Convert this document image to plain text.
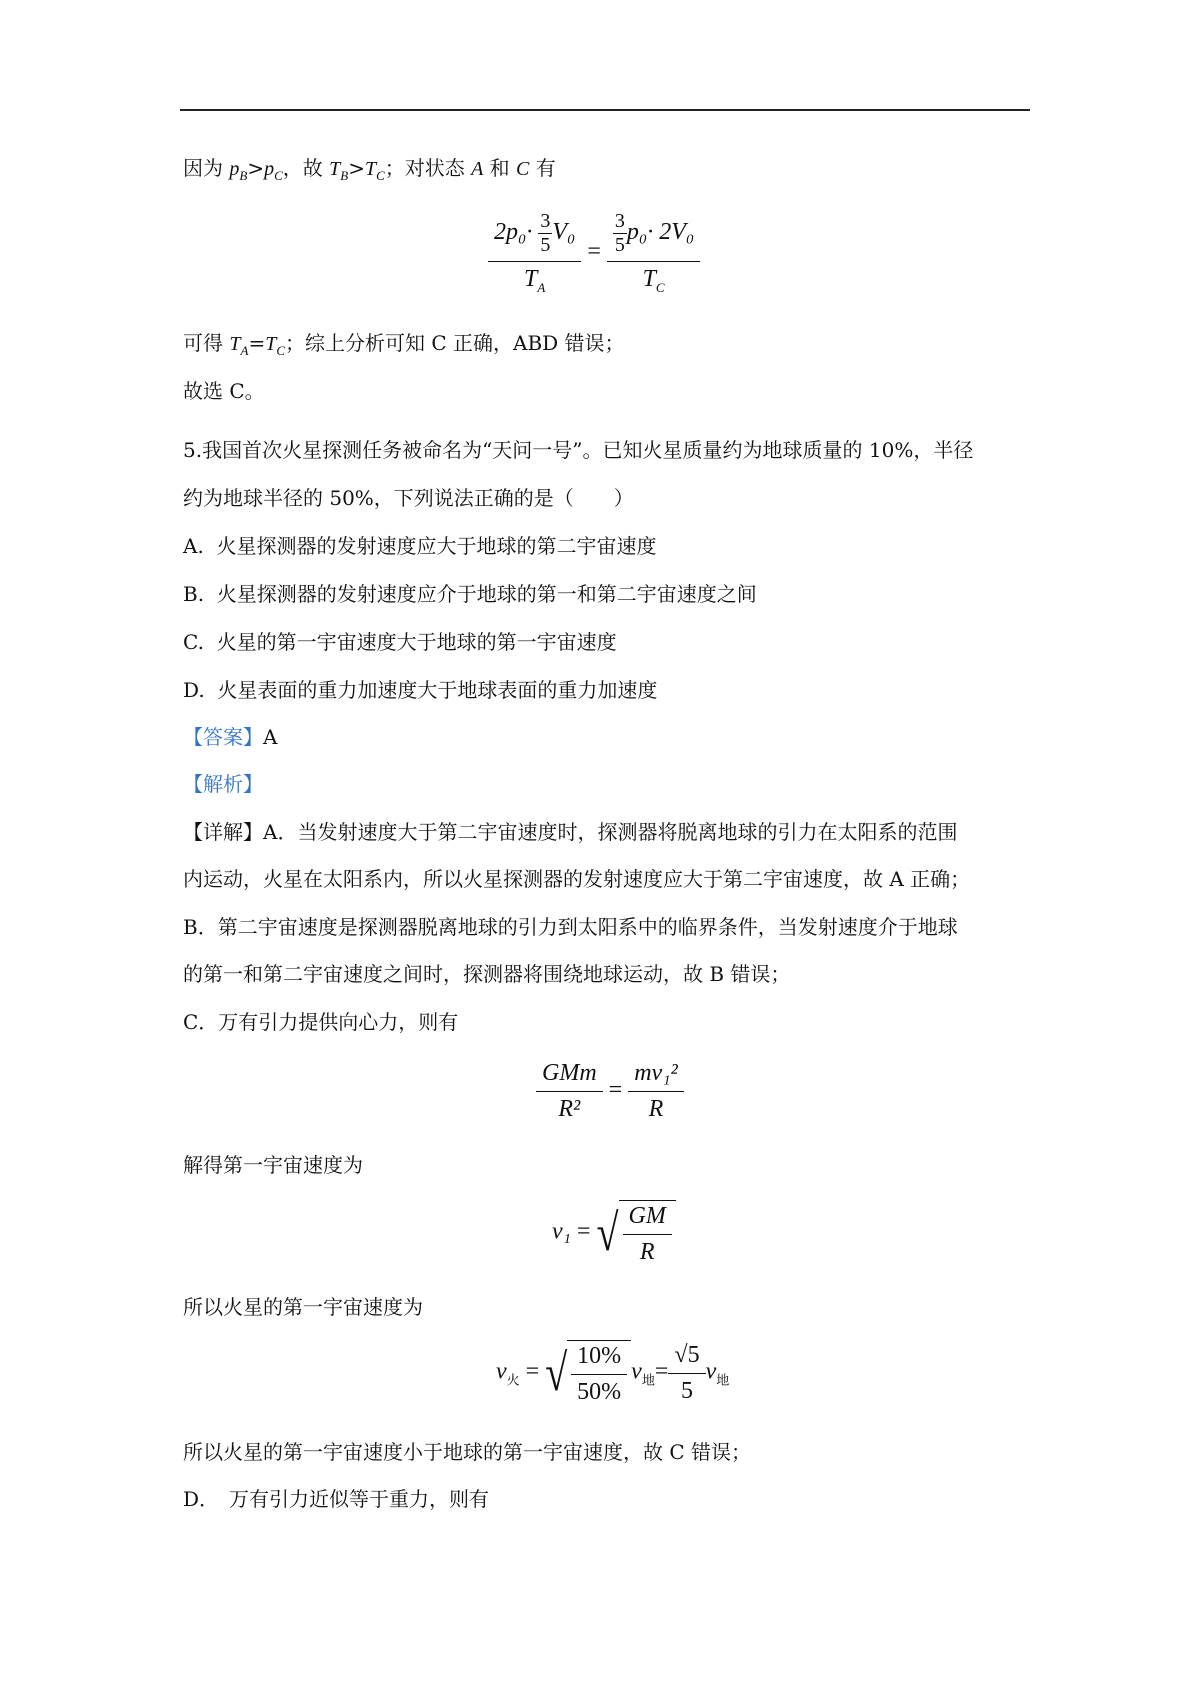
因为 $p_B>p_C$，故 $T_B>T_C$；对状态 A 和 C 有
$\frac{2p_0\cdot \frac{3}{5} V_0}{T_A} = \frac{\frac{3}{5} p_0\cdot 2V_0}{T_C}$
可得 $T_A=T_C$；综上分析可知 C 正确，ABD 错误；
故选 C。
5.我国首次火星探测任务被命名为“天问一号”。已知火星质量约为地球质量的 10%，半径
约为地球半径的 50%，下列说法正确的是（　　）
A. 火星探测器的发射速度应大于地球的第二宇宙速度
B. 火星探测器的发射速度应介于地球的第一和第二宇宙速度之间
C. 火星的第一宇宙速度大于地球的第一宇宙速度
D. 火星表面的重力加速度大于地球表面的重力加速度
【答案】A
【解析】
【详解】A．当发射速度大于第二宇宙速度时，探测器将脱离地球的引力在太阳系的范围
内运动，火星在太阳系内，所以火星探测器的发射速度应大于第二宇宙速度，故 A 正确；
B．第二宇宙速度是探测器脱离地球的引力到太阳系中的临界条件，当发射速度介于地球
的第一和第二宇宙速度之间时，探测器将围绕地球运动，故 B 错误；
C．万有引力提供向心力，则有
$\frac{\text{GMm}}{\text{R²}} = \frac{\text{mv₁²}}{R}$
解得第一宇宙速度为
v₁ = √ $\frac{GM}{R}$
所以火星的第一宇宙速度为
$v_火$ = √ $\frac{10\%}{50\%} v_地= \frac{√5}{5} v_地$
所以火星的第一宇宙速度小于地球的第一宇宙速度，故 C 错误；
D．　万有引力近似等于重力，则有
